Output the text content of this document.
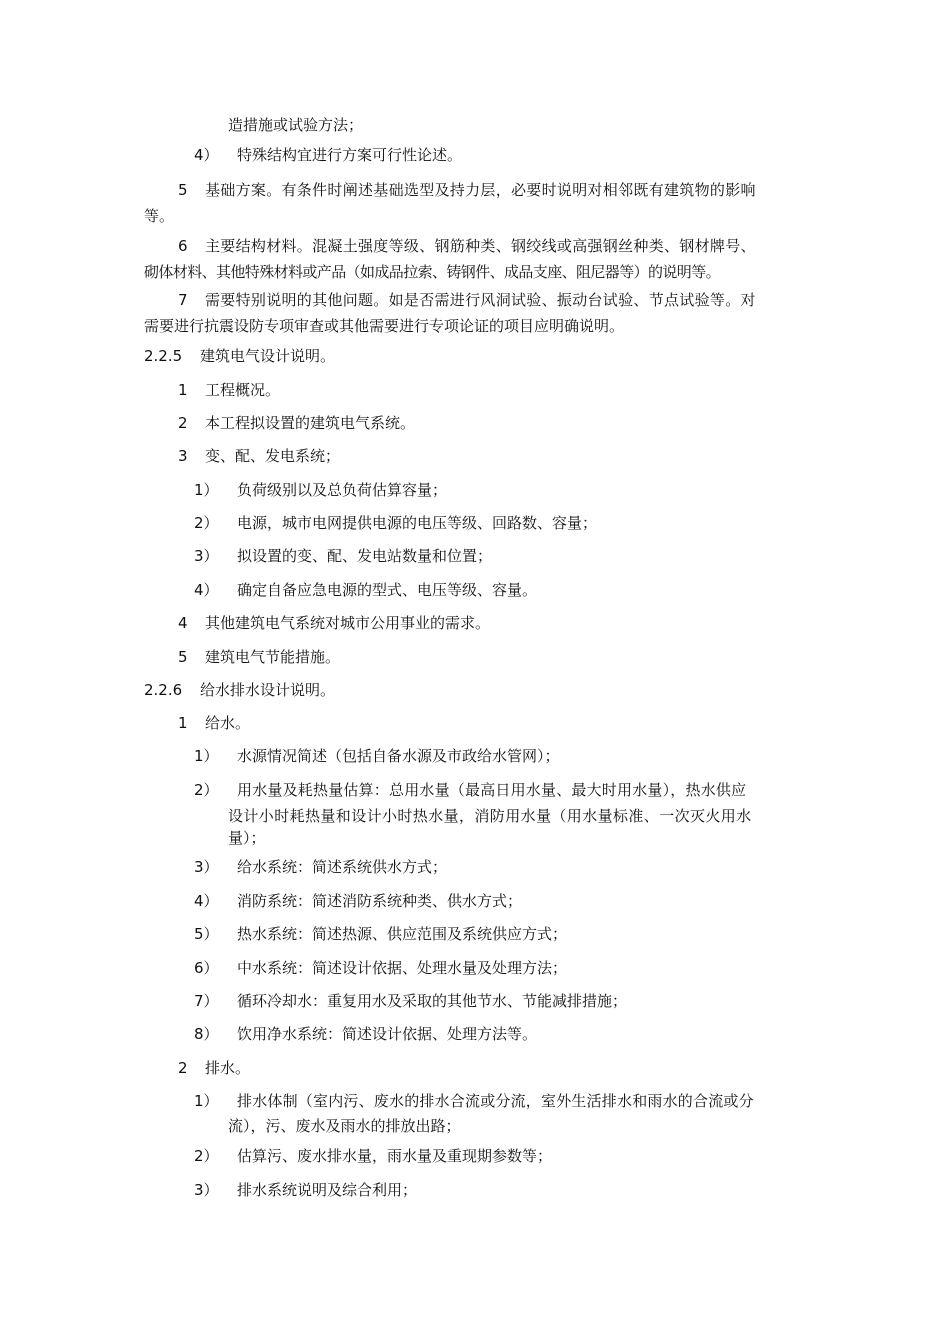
造措施或试验方法；
4） 特殊结构宜进行方案可行性论述。
5 基础方案。有条件时阐述基础选型及持力层，必要时说明对相邻既有建筑物的影响
等。
6 主要结构材料。混凝土强度等级、钢筋种类、钢绞线或高强钢丝种类、钢材牌号、
砌体材料、其他特殊材料或产品（如成品拉索、铸钢件、成品支座、阻尼器等）的说明等。
7 需要特别说明的其他问题。如是否需进行风洞试验、振动台试验、节点试验等。对
需要进行抗震设防专项审查或其他需要进行专项论证的项目应明确说明。
2.2.5 建筑电气设计说明。
1 工程概况。
2 本工程拟设置的建筑电气系统。
3 变、配、发电系统；
1） 负荷级别以及总负荷估算容量；
2） 电源，城市电网提供电源的电压等级、回路数、容量；
3） 拟设置的变、配、发电站数量和位置；
4） 确定自备应急电源的型式、电压等级、容量。
4 其他建筑电气系统对城市公用事业的需求。
5 建筑电气节能措施。
2.2.6 给水排水设计说明。
1 给水。
1） 水源情况简述（包括自备水源及市政给水管网）；
2） 用水量及耗热量估算：总用水量（最高日用水量、最大时用水量），热水供应
设计小时耗热量和设计小时热水量，消防用水量（用水量标准、一次灭火用水
量）；
3） 给水系统：简述系统供水方式；
4） 消防系统：简述消防系统种类、供水方式；
5） 热水系统：简述热源、供应范围及系统供应方式；
6） 中水系统：简述设计依据、处理水量及处理方法；
7） 循环冷却水：重复用水及采取的其他节水、节能减排措施；
8） 饮用净水系统：简述设计依据、处理方法等。
2 排水。
1） 排水体制（室内污、废水的排水合流或分流，室外生活排水和雨水的合流或分
流），污、废水及雨水的排放出路；
2） 估算污、废水排水量，雨水量及重现期参数等；
3） 排水系统说明及综合利用；
